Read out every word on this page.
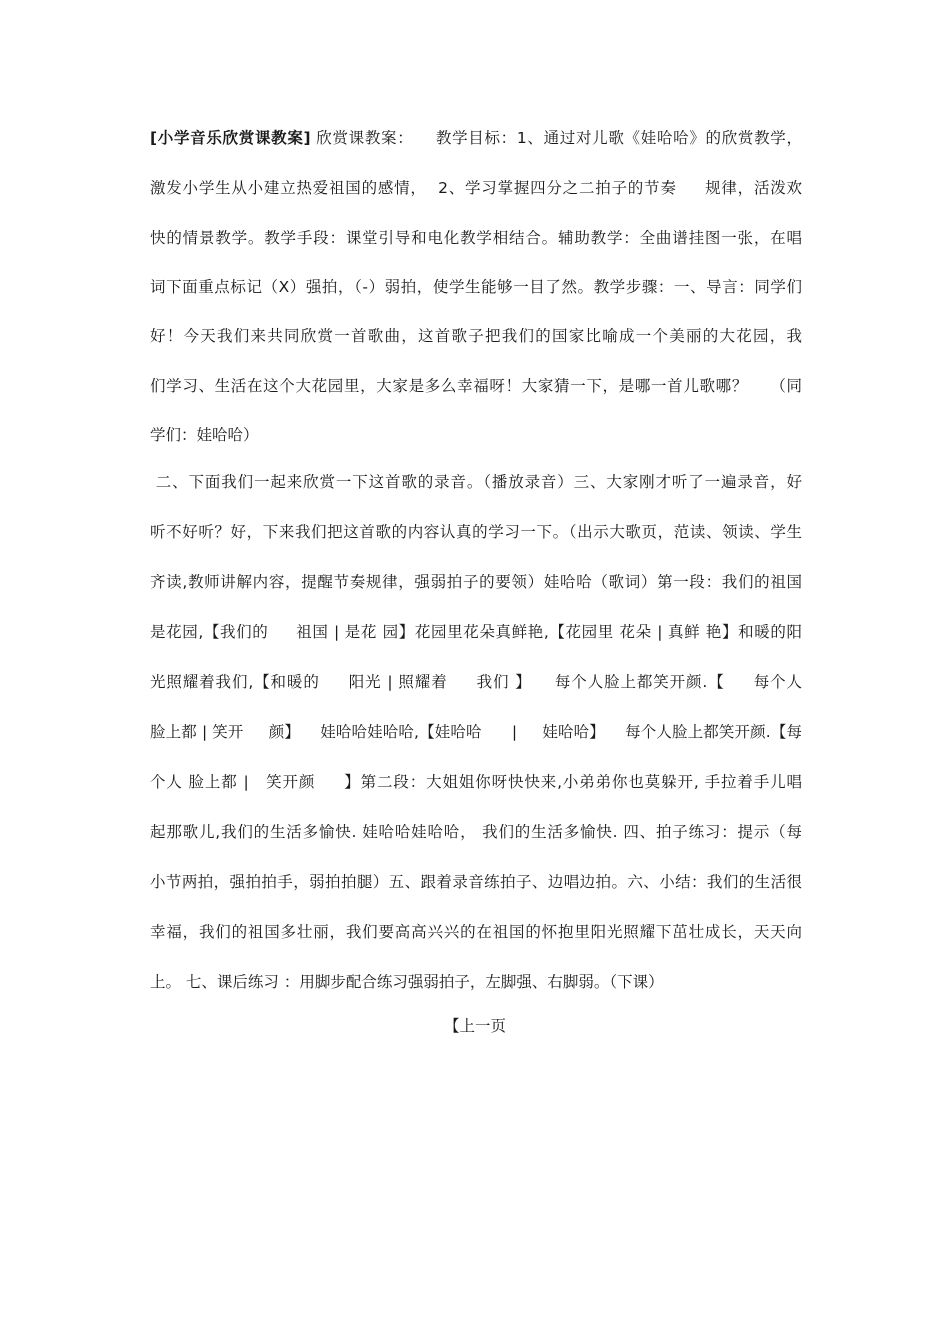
[小学音乐欣赏课教案] 欣赏课教案：    教学目标：1、通过对儿歌《娃哈哈》的欣赏教学，
激发小学生从小建立热爱祖国的感情，  2、学习掌握四分之二拍子的节奏     规律，活泼欢
快的情景教学。教学手段：课堂引导和电化教学相结合。辅助教学：全曲谱挂图一张，在唱
词下面重点标记（X）强拍，（-）弱拍，使学生能够一目了然。教学步骤：一、导言：同学们
好！今天我们来共同欣赏一首歌曲，这首歌子把我们的国家比喻成一个美丽的大花园，我
们学习、生活在这个大花园里，大家是多么幸福呀！大家猜一下，是哪一首儿歌哪？    （同
学们：娃哈哈）
二、下面我们一起来欣赏一下这首歌的录音。（播放录音）三、大家刚才听了一遍录音，好
听不好听？好，下来我们把这首歌的内容认真的学习一下。（出示大歌页，范读、领读、学生
齐读,教师讲解内容，提醒节奏规律，强弱拍子的要领）娃哈哈（歌词）第一段：我们的祖国
是花园,【我们的     祖国 | 是花 园】花园里花朵真鲜艳,【花园里 花朵 | 真鲜 艳】和暖的阳
光照耀着我们,【和暖的     阳光 | 照耀着     我们 】    每个人脸上都笑开颜.【     每个人
脸上都 | 笑开     颜】    娃哈哈娃哈哈,【娃哈哈      |     娃哈哈】    每个人脸上都笑开颜.【每
个人 脸上都 |   笑开颜     】第二段：大姐姐你呀快快来,小弟弟你也莫躲开, 手拉着手儿唱
起那歌儿,我们的生活多愉快. 娃哈哈娃哈哈， 我们的生活多愉快. 四、拍子练习：提示（每
小节两拍，强拍拍手，弱拍拍腿）五、跟着录音练拍子、边唱边拍。六、小结：我们的生活很
幸福，我们的祖国多壮丽，我们要高高兴兴的在祖国的怀抱里阳光照耀下茁壮成长，天天向
上。 七、课后练习 ：用脚步配合练习强弱拍子，左脚强、右脚弱。（下课）
【上一页
